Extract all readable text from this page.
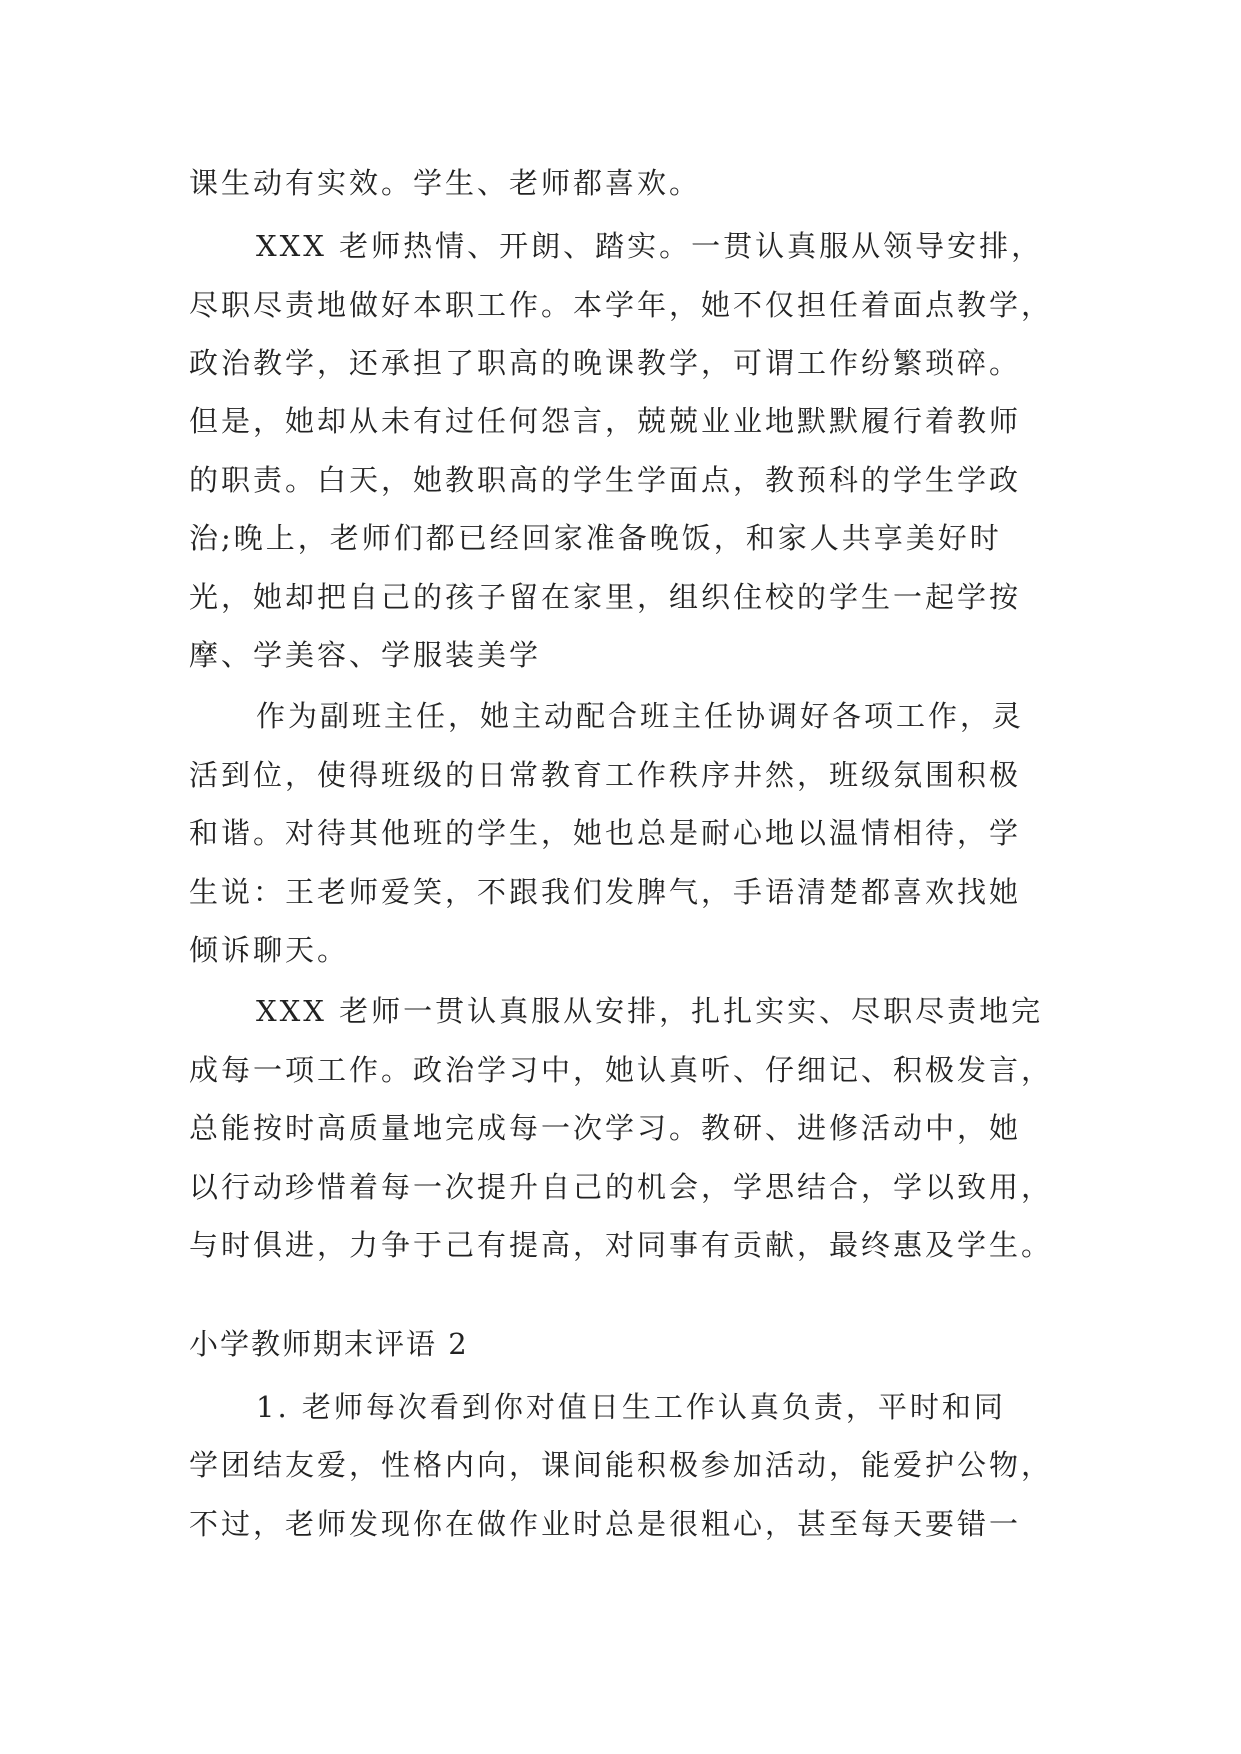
课生动有实效。学生、老师都喜欢。
XXX 老师热情、开朗、踏实。一贯认真服从领导安排，
尽职尽责地做好本职工作。本学年，她不仅担任着面点教学，
政治教学，还承担了职高的晚课教学，可谓工作纷繁琐碎。
但是，她却从未有过任何怨言，兢兢业业地默默履行着教师
的职责。白天，她教职高的学生学面点，教预科的学生学政
治;晚上，老师们都已经回家准备晚饭，和家人共享美好时
光，她却把自己的孩子留在家里，组织住校的学生一起学按
摩、学美容、学服装美学
作为副班主任，她主动配合班主任协调好各项工作，灵
活到位，使得班级的日常教育工作秩序井然，班级氛围积极
和谐。对待其他班的学生，她也总是耐心地以温情相待，学
生说：王老师爱笑，不跟我们发脾气，手语清楚都喜欢找她
倾诉聊天。
XXX 老师一贯认真服从安排，扎扎实实、尽职尽责地完
成每一项工作。政治学习中，她认真听、仔细记、积极发言，
总能按时高质量地完成每一次学习。教研、进修活动中，她
以行动珍惜着每一次提升自己的机会，学思结合，学以致用，
与时俱进，力争于己有提高，对同事有贡献，最终惠及学生。
小学教师期末评语 2
1. 老师每次看到你对值日生工作认真负责，平时和同
学团结友爱，性格内向，课间能积极参加活动，能爱护公物，
不过，老师发现你在做作业时总是很粗心，甚至每天要错一
